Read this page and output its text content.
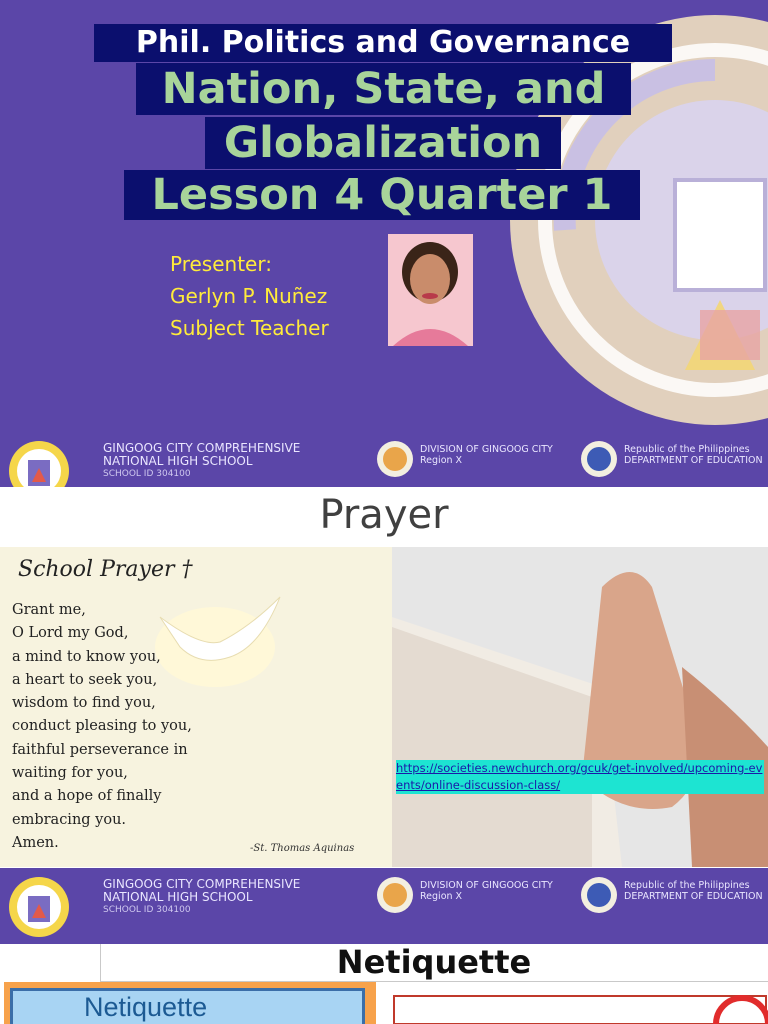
Phil. Politics and Governance
Nation, State, and
Globalization
Lesson 4 Quarter 1
Presenter:
Gerlyn P. Nuñez
Subject Teacher
GINGOOG CITY COMPREHENSIVE
NATIONAL HIGH SCHOOL
SCHOOL ID 304100
DIVISION OF GINGOOG CITY
Region X
Republic of the Philippines
DEPARTMENT OF EDUCATION
Prayer
School Prayer †
Grant me,
O Lord my God,
a mind to know you,
a heart to seek you,
wisdom to find you,
conduct pleasing to you,
faithful perseverance in
waiting for you,
and a hope of finally
embracing you.
Amen.	-St. Thomas Aquinas
https://societies.newchurch.org/gcuk/get-involved/upcoming-events/online-discussion-class/
GINGOOG CITY COMPREHENSIVE
NATIONAL HIGH SCHOOL
SCHOOL ID 304100
DIVISION OF GINGOOG CITY
Region X
Republic of the Philippines
DEPARTMENT OF EDUCATION
Netiquette
Netiquette
